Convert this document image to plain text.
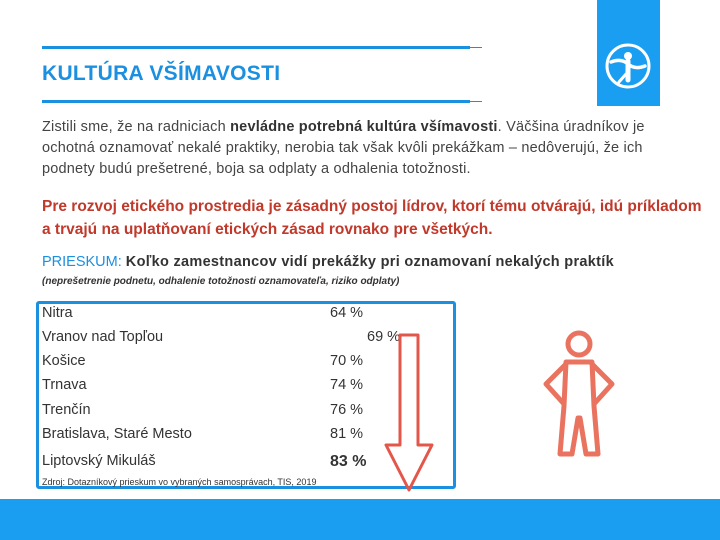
KULTÚRA VŠÍMAVOSTI

Zistili sme, že na radniciach nevládne potrebná kultúra všímavosti. Väčšina úradníkov je ochotná oznamovať nekalé praktiky, nerobia tak však kvôli prekážkam – nedôverujú, že ich podnety budú prešetrené, boja sa odplaty a odhalenia totožnosti.

Pre rozvoj etického prostredia je zásadný postoj lídrov, ktorí tému otvárajú, idú príkladom a trvajú na uplatňovaní etických zásad rovnako pre všetkých.

PRIESKUM: Koľko zamestnancov vidí prekážky pri oznamovaní nekalých praktík
(neprešetrenie podnetu, odhalenie totožnosti oznamovateľa, riziko odplaty)
Nitra	64 %
Vranov nad Topľou	69 %
Košice	70 %
Trnava	74 %
Trenčín	76 %
Bratislava, Staré Mesto	81 %
Liptovský Mikuláš	83 %
Zdroj: Dotazníkový prieskum vo vybraných samosprávach, TIS, 2019
